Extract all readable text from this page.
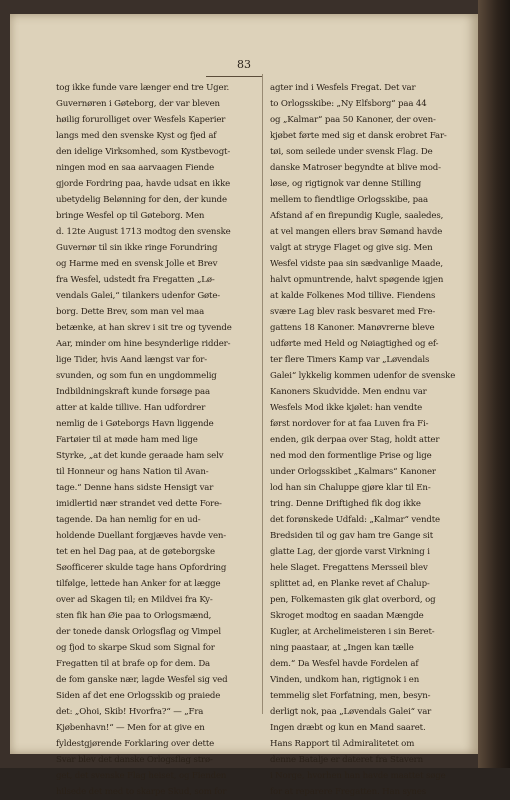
83
tog ikke funde vare længer end tre Uger.
Guvernøren i Gøteborg, der var bleven
høilig forurolliget over Wesfels Kaperier
langs med den svenske Kyst og fjed af
den idelige Virksomhed, som Kystbevogt-
ningen mod en saa aarvaagen Fiende
gjorde Fordring paa, havde udsat en ikke
ubetydelig Belønning for den, der kunde
bringe Wesfel op til Gøteborg. Men
d. 12te August 1713 modtog den svenske
Guvernør til sin ikke ringe Forundring
og Harme med en svensk Jolle et Brev
fra Wesfel, udstedt fra Fregatten „Lø-
vendals Galei,“ tilankers udenfor Gøte-
borg. Dette Brev, som man vel maa
betænke, at han skrev i sit tre og tyvende
Aar, minder om hine besynderlige ridder-
lige Tider, hvis Aand længst var for-
svunden, og som fun en ungdommelig
Indbildningskraft kunde forsøge paa
atter at kalde tillive. Han udfordrer
nemlig de i Gøteborgs Havn liggende
Fartøier til at møde ham med lige
Styrke, „at det kunde geraade ham selv
til Honneur og hans Nation til Avan-
tage.“ Denne hans sidste Hensigt var
imidlertid nær strandet ved dette Fore-
tagende. Da han nemlig for en ud-
holdende Duellant forgjæves havde ven-
tet en hel Dag paa, at de gøteborgske
Søofficerer skulde tage hans Opfordring
tilfølge, lettede han Anker for at lægge
over ad Skagen til; en Mildvei fra Ky-
sten fik han Øie paa to Orlogsmænd,
der tonede dansk Orlogsflag og Vimpel
og fjod to skarpe Skud som Signal for
Fregatten til at brafe op for dem. Da
de fom ganske nær, lagde Wesfel sig ved
Siden af det ene Orlogsskib og praiede
det: „Ohoi, Skib! Hvorfra?“ — „Fra
Kjøbenhavn!“ — Men for at give en
fyldestgjørende Forklaring over dette
Svar blev det danske Orlogsflag strø-
get, det svenske Flag heiset, og Fienden
hilsede det med to skarpe Skud, som for
agter ind i Wesfels Fregat. Det var
to Orlogsskibe: „Ny Elfsborg“ paa 44
og „Kalmar“ paa 50 Kanoner, der oven-
kjøbet førte med sig et dansk erobret Far-
tøi, som seilede under svensk Flag. De
danske Matroser begyndte at blive mod-
løse, og rigtignok var denne Stilling
mellem to fiendtlige Orlogsskibe, paa
Afstand af en firepundig Kugle, saaledes,
at vel mangen ellers brav Sømand havde
valgt at stryge Flaget og give sig. Men
Wesfel vidste paa sin sædvanlige Maade,
halvt opmuntrende, halvt spøgende igjen
at kalde Folkenes Mod tillive. Fiendens
svære Lag blev rask besvaret med Fre-
gattens 18 Kanoner. Manøvrerne bleve
udførte med Held og Nøiagtighed og ef-
ter flere Timers Kamp var „Løvendals
Galei“ lykkelig kommen udenfor de svenske
Kanoners Skudvidde. Men endnu var
Wesfels Mod ikke kjølet: han vendte
først nordover for at faa Luven fra Fi-
enden, gik derpaa over Stag, holdt atter
ned mod den formentlige Prise og lige
under Orlogsskibet „Kalmars“ Kanoner
lod han sin Chaluppe gjøre klar til En-
tring. Denne Driftighed fik dog ikke
det forønskede Udfald: „Kalmar“ vendte
Bredsiden til og gav ham tre Gange sit
glatte Lag, der gjorde varst Virkning i
hele Slaget. Fregattens Mersseil blev
splittet ad, en Planke revet af Chalup-
pen, Folkemasten gik glat overbord, og
Skroget modtog en saadan Mængde
Kugler, at Archelimeisteren i sin Beret-
ning paastaar, at „Ingen kan tælle
dem.“ Da Wesfel havde Fordelen af
Vinden, undkom han, rigtignok i en
temmelig slet Forfatning, men, besyn-
derligt nok, paa „Løvendals Galei“ var
Ingen dræbt og kun en Mand saaret.
Hans Rapport til Admiralitetet om
denne Batalje er dateret fra Stavern
i Norge, hvorhen han havde maattet søge
for at reparere Fregatten. Han synes
